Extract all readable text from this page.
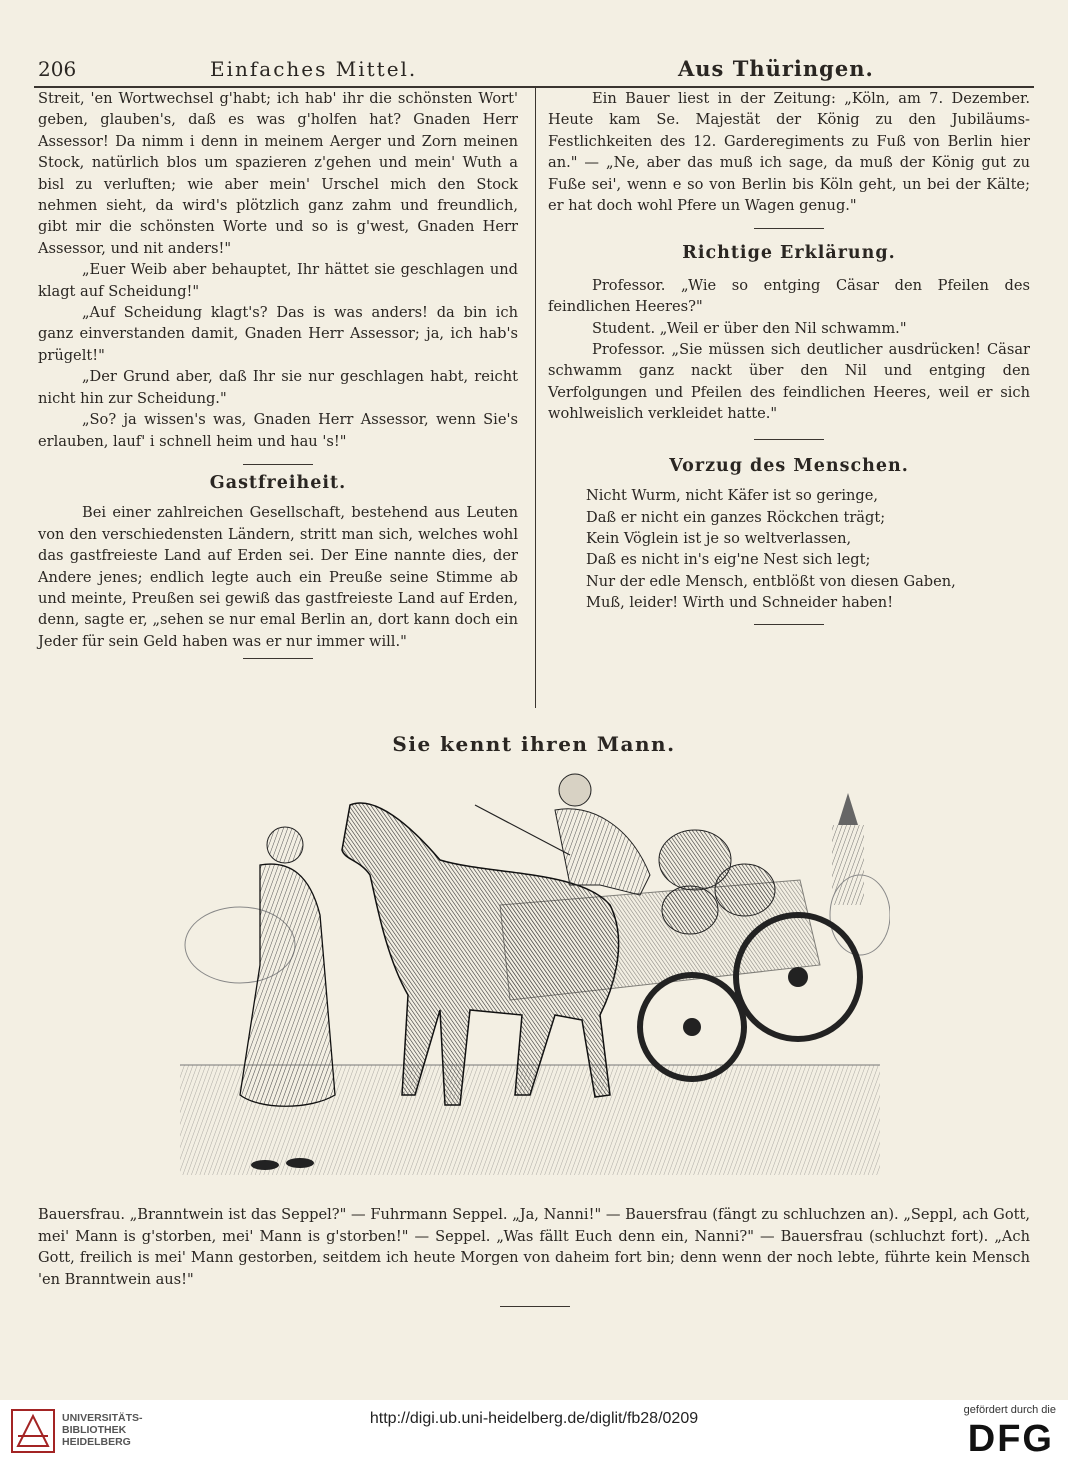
206	Einfaches Mittel.	Aus Thüringen.

Streit, 'en Wortwechsel g'habt; ich hab' ihr die schönsten Wort' geben, glauben's, daß es was g'holfen hat? Gnaden Herr Assessor! Da nimm i denn in meinem Aerger und Zorn meinen Stock, natürlich blos um spazieren z'gehen und mein' Wuth a bisl zu verluften; wie aber mein' Urschel mich den Stock nehmen sieht, da wird's plötzlich ganz zahm und freundlich, gibt mir die schönsten Worte und so is g'west, Gnaden Herr Assessor, und nit anders!"

„Euer Weib aber behauptet, Ihr hättet sie geschlagen und klagt auf Scheidung!"

„Auf Scheidung klagt's? Das is was anders! da bin ich ganz einverstanden damit, Gnaden Herr Assessor; ja, ich hab's prügelt!"

„Der Grund aber, daß Ihr sie nur geschlagen habt, reicht nicht hin zur Scheidung."

„So? ja wissen's was, Gnaden Herr Assessor, wenn Sie's erlauben, lauf' i schnell heim und hau 's!"

Gastfreiheit.

Bei einer zahlreichen Gesellschaft, bestehend aus Leuten von den verschiedensten Ländern, stritt man sich, welches wohl das gastfreieste Land auf Erden sei. Der Eine nannte dies, der Andere jenes; endlich legte auch ein Preuße seine Stimme ab und meinte, Preußen sei gewiß das gastfreieste Land auf Erden, denn, sagte er, „sehen se nur emal Berlin an, dort kann doch ein Jeder für sein Geld haben was er nur immer will."

Ein Bauer liest in der Zeitung: „Köln, am 7. Dezember. Heute kam Se. Majestät der König zu den Jubiläums-Festlichkeiten des 12. Garderegiments zu Fuß von Berlin hier an." — „Ne, aber das muß ich sage, da muß der König gut zu Fuße sei', wenn e so von Berlin bis Köln geht, un bei der Kälte; er hat doch wohl Pfere un Wagen genug."

Richtige Erklärung.

Professor. „Wie so entging Cäsar den Pfeilen des feindlichen Heeres?"

Student. „Weil er über den Nil schwamm."

Professor. „Sie müssen sich deutlicher ausdrücken! Cäsar schwamm ganz nackt über den Nil und entging den Verfolgungen und Pfeilen des feindlichen Heeres, weil er sich wohlweislich verkleidet hatte."

Vorzug des Menschen.

Nicht Wurm, nicht Käfer ist so geringe,

Daß er nicht ein ganzes Röckchen trägt;

Kein Vöglein ist je so weltverlassen,

Daß es nicht in's eig'ne Nest sich legt;

Nur der edle Mensch, entblößt von diesen Gaben,

Muß, leider! Wirth und Schneider haben!

Sie kennt ihren Mann.

Bauersfrau. „Branntwein ist das Seppel?" — Fuhrmann Seppel. „Ja, Nanni!" — Bauersfrau (fängt zu schluchzen an). „Seppl, ach Gott, mei' Mann is g'storben, mei' Mann is g'storben!" — Seppel. „Was fällt Euch denn ein, Nanni?" — Bauersfrau (schluchzt fort). „Ach Gott, freilich is mei' Mann gestorben, seitdem ich heute Morgen von daheim fort bin; denn wenn der noch lebte, führte kein Mensch 'en Branntwein aus!"

UNIVERSITÄTS-
BIBLIOTHEK
HEIDELBERG
http://digi.ub.uni-heidelberg.de/diglit/fb28/0209	gefördert durch die
DFG
